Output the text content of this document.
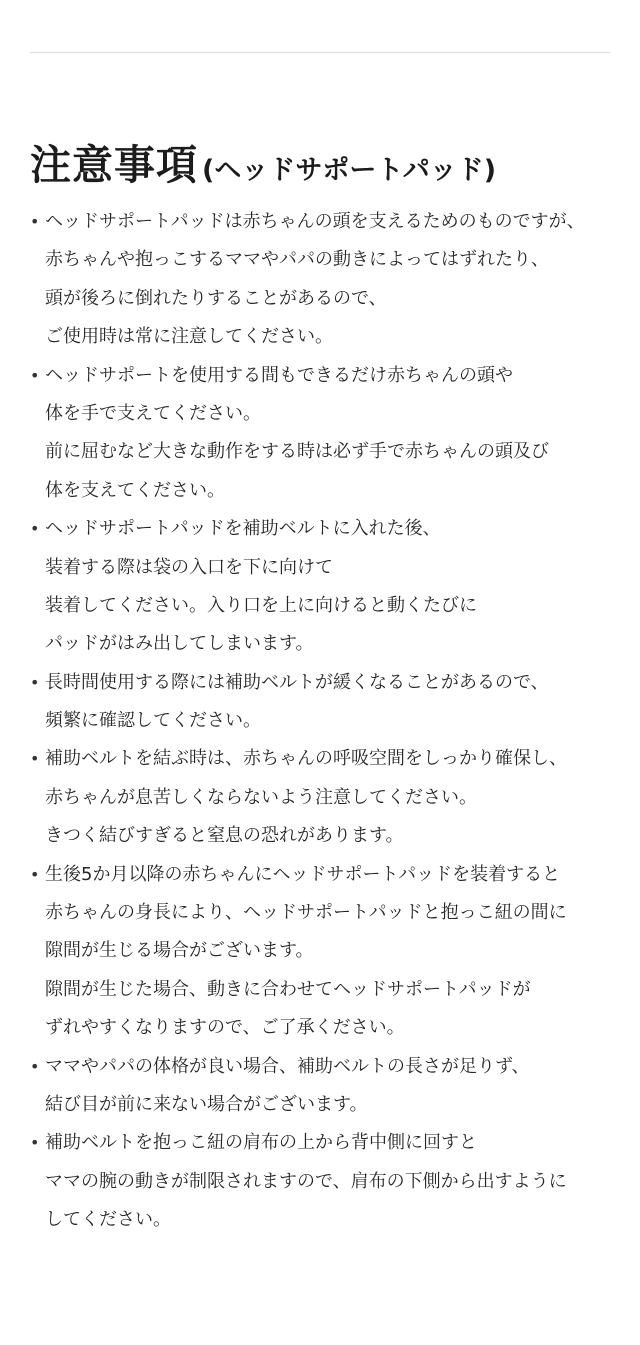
注意事項 (ヘッドサポートパッド)
• ヘッドサポートパッドは赤ちゃんの頭を支えるためのものですが、
赤ちゃんや抱っこするママやパパの動きによってはずれたり、
頭が後ろに倒れたりすることがあるので、
ご使用時は常に注意してください。
• ヘッドサポートを使用する間もできるだけ赤ちゃんの頭や
体を手で支えてください。
前に屈むなど大きな動作をする時は必ず手で赤ちゃんの頭及び
体を支えてください。
• ヘッドサポートパッドを補助ベルトに入れた後、
装着する際は袋の入口を下に向けて
装着してください。入り口を上に向けると動くたびに
パッドがはみ出してしまいます。
• 長時間使用する際には補助ベルトが緩くなることがあるので、
頻繁に確認してください。
• 補助ベルトを結ぶ時は、赤ちゃんの呼吸空間をしっかり確保し、
赤ちゃんが息苦しくならないよう注意してください。
きつく結びすぎると窒息の恐れがあります。
• 生後5か月以降の赤ちゃんにヘッドサポートパッドを装着すると
赤ちゃんの身長により、ヘッドサポートパッドと抱っこ紐の間に
隙間が生じる場合がございます。
隙間が生じた場合、動きに合わせてヘッドサポートパッドが
ずれやすくなりますので、ご了承ください。
• ママやパパの体格が良い場合、補助ベルトの長さが足りず、
結び目が前に来ない場合がございます。
• 補助ベルトを抱っこ紐の肩布の上から背中側に回すと
ママの腕の動きが制限されますので、肩布の下側から出すように
してください。
